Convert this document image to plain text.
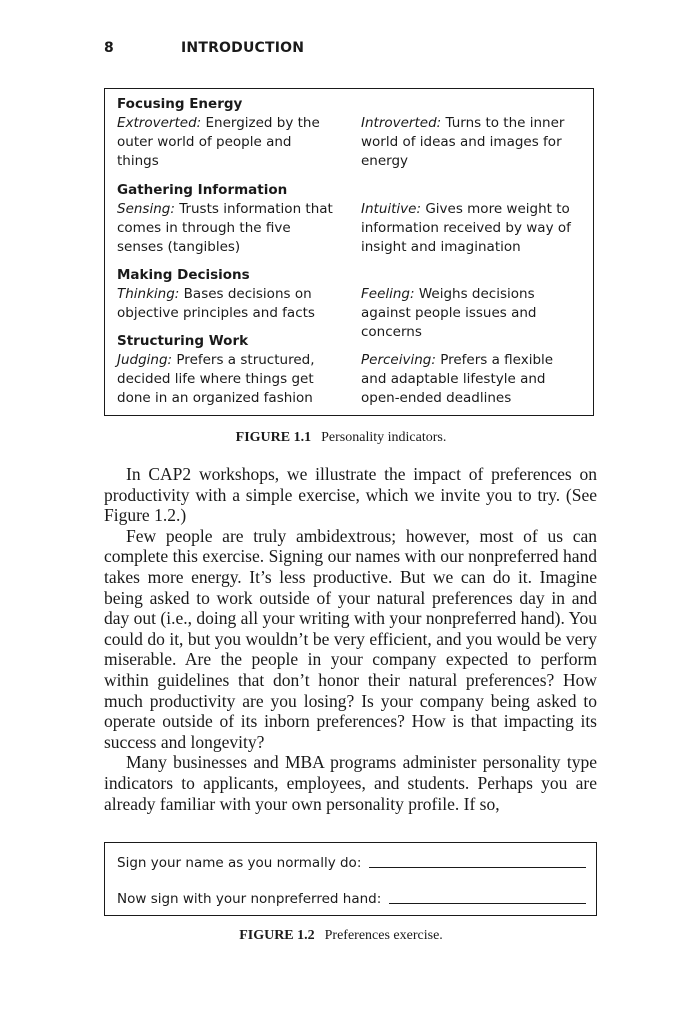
8	INTRODUCTION
Focusing Energy
Extroverted: Energized by the outer world of people and things
Introverted: Turns to the inner world of ideas and images for energy
Gathering Information
Sensing: Trusts information that comes in through the five senses (tangibles)
Intuitive: Gives more weight to information received by way of insight and imagination
Making Decisions
Thinking: Bases decisions on objective principles and facts
Feeling: Weighs decisions against people issues and concerns
Structuring Work
Judging: Prefers a structured, decided life where things get done in an organized fashion
Perceiving: Prefers a flexible and adaptable lifestyle and open-ended deadlines
FIGURE 1.1 Personality indicators.

In CAP2 workshops, we illustrate the impact of preferences on productivity with a simple exercise, which we invite you to try. (See Figure 1.2.)

Few people are truly ambidextrous; however, most of us can complete this exercise. Signing our names with our nonpreferred hand takes more energy. It’s less productive. But we can do it. Imagine being asked to work outside of your natural preferences day in and day out (i.e., doing all your writing with your nonpreferred hand). You could do it, but you wouldn’t be very efficient, and you would be very miserable. Are the people in your company expected to perform within guidelines that don’t honor their natural preferences? How much productivity are you losing? Is your company being asked to operate outside of its inborn preferences? How is that impacting its success and longevity?

Many businesses and MBA programs administer personality type indicators to applicants, employees, and students. Perhaps you are already familiar with your own personality profile. If so,

Sign your name as you normally do:
Now sign with your nonpreferred hand:
FIGURE 1.2 Preferences exercise.
